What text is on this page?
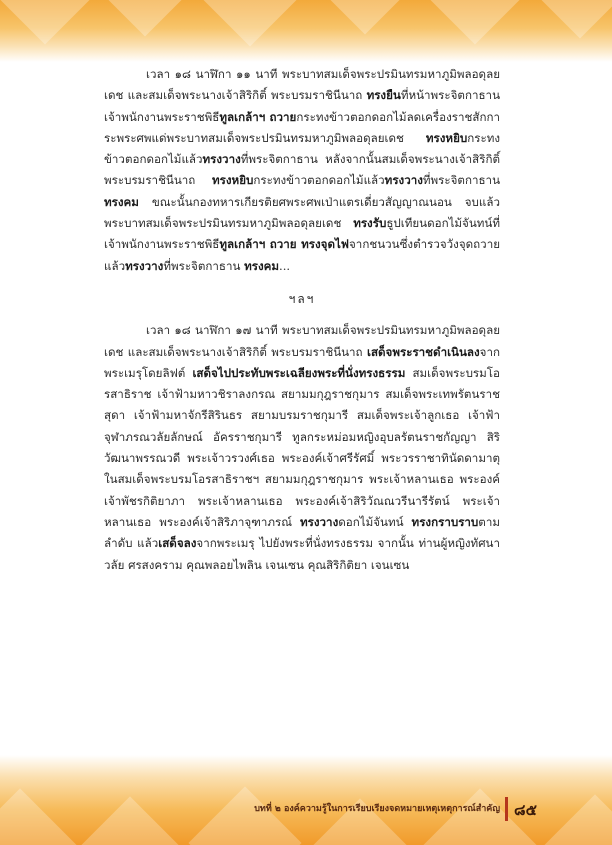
เวลา ๑๘ นาฬิกา ๑๑ นาที พระบาทสมเด็จพระปรมินทรมหาภูมิพลอดุลยเดช และสมเด็จพระนางเจ้าสิริกิติ์ พระบรมราชินีนาถ ทรงยืนที่หน้าพระจิตกาธาน เจ้าพนักงานพระราชพิธีทูลเกล้าฯ ถวายกระทงข้าวตอกดอกไม้ลดเครื่องราชสักการะพระศพแด่พระบาทสมเด็จพระปรมินทรมหาภูมิพลอดุลยเดช ทรงหยิบกระทงข้าวตอกดอกไม้แล้วทรงวางที่พระจิตกาธาน หลังจากนั้นสมเด็จพระนางเจ้าสิริกิติ์ พระบรมราชินีนาถ ทรงหยิบกระทงข้าวตอกดอกไม้แล้วทรงวางที่พระจิตกาธาน ทรงคม ขณะนั้นกองทหารเกียรติยศพระศพเป่าแตรเดี่ยวสัญญาณนอน จบแล้ว พระบาทสมเด็จพระปรมินทรมหาภูมิพลอดุลยเดช ทรงรับธูปเทียนดอกไม้จันทน์ที่เจ้าพนักงานพระราชพิธีทูลเกล้าฯ ถวาย ทรงจุดไฟจากชนวนซึ่งตำรวจวังจุดถวาย แล้วทรงวางที่พระจิตกาธาน ทรงคม...

ฯลฯ

เวลา ๑๘ นาฬิกา ๑๗ นาที พระบาทสมเด็จพระปรมินทรมหาภูมิพลอดุลยเดช และสมเด็จพระนางเจ้าสิริกิติ์ พระบรมราชินีนาถ เสด็จพระราชดำเนินลงจากพระเมรุโดยลิฟต์ เสด็จไปประทับพระเฉลียงพระที่นั่งทรงธรรม สมเด็จพระบรมโอรสาธิราช เจ้าฟ้ามหาวชิราลงกรณ สยามมกุฎราชกุมาร สมเด็จพระเทพรัตนราชสุดา เจ้าฟ้ามหาจักรีสิรินธร สยามบรมราชกุมารี สมเด็จพระเจ้าลูกเธอ เจ้าฟ้าจุฬาภรณวลัยลักษณ์ อัครราชกุมารี ทูลกระหม่อมหญิงอุบลรัตนราชกัญญา สิริวัฒนาพรรณวดี พระเจ้าวรวงศ์เธอ พระองค์เจ้าศรีรัศมิ์ พระวรราชาทินัดดามาตุ ในสมเด็จพระบรมโอรสาธิราชฯ สยามมกุฎราชกุมาร พระเจ้าหลานเธอ พระองค์เจ้าพัชรกิติยาภา พระเจ้าหลานเธอ พระองค์เจ้าสิริวัณณวรีนารีรัตน์ พระเจ้าหลานเธอ พระองค์เจ้าสิริภาจุฑาภรณ์ ทรงวางดอกไม้จันทน์ ทรงกราบราบตามลำดับ แล้วเสด็จลงจากพระเมรุ ไปยังพระที่นั่งทรงธรรม จากนั้น ท่านผู้หญิงทัศนาวลัย ศรสงคราม คุณพลอยไพลิน เจนเซน คุณสิริกิติยา เจนเซน

บทที่ ๒ องค์ความรู้ในการเรียบเรียงจดหมายเหตุเหตุการณ์สำคัญ ๘๕
